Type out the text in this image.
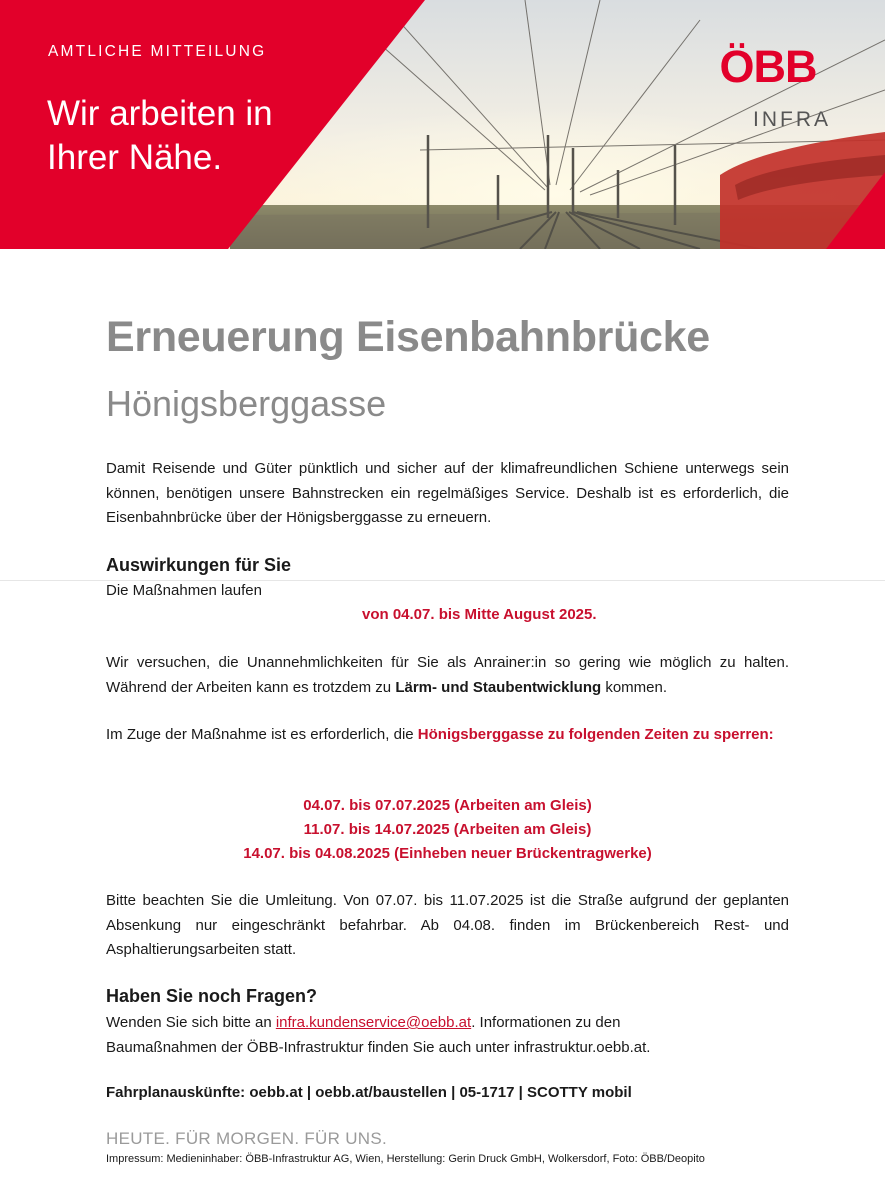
AMTLICHE MITTEILUNG
Wir arbeiten in
Ihrer Nähe.
ÖBB
INFRA
Erneuerung Eisenbahnbrücke
Hönigsberggasse
Damit Reisende und Güter pünktlich und sicher auf der klimafreundlichen Schiene unterwegs sein können, benötigen unsere Bahnstrecken ein regelmäßiges Service. Deshalb ist es erforderlich, die Eisenbahnbrücke über der Hönigsberggasse zu erneuern.
Auswirkungen für Sie
Die Maßnahmen laufen
von 04.07. bis Mitte August 2025.
Wir versuchen, die Unannehmlichkeiten für Sie als Anrainer:in so gering wie möglich zu halten. Während der Arbeiten kann es trotzdem zu Lärm- und Staubentwicklung kommen.
Im Zuge der Maßnahme ist es erforderlich, die Hönigsberggasse zu folgenden Zeiten zu sperren:
04.07. bis 07.07.2025 (Arbeiten am Gleis)
11.07. bis 14.07.2025 (Arbeiten am Gleis)
14.07. bis 04.08.2025 (Einheben neuer Brückentragwerke)
Bitte beachten Sie die Umleitung. Von 07.07. bis 11.07.2025 ist die Straße aufgrund der geplanten Absenkung nur eingeschränkt befahrbar. Ab 04.08. finden im Brückenbereich Rest- und Asphaltierungsarbeiten statt.
Haben Sie noch Fragen?
Wenden Sie sich bitte an infra.kundenservice@oebb.at. Informationen zu den Baumaßnahmen der ÖBB-Infrastruktur finden Sie auch unter infrastruktur.oebb.at.
Fahrplanauskünfte: oebb.at | oebb.at/baustellen | 05-1717 | SCOTTY mobil
HEUTE. FÜR MORGEN. FÜR UNS.
Impressum: Medieninhaber: ÖBB-Infrastruktur AG, Wien, Herstellung: Gerin Druck GmbH, Wolkersdorf, Foto: ÖBB/Deopito
